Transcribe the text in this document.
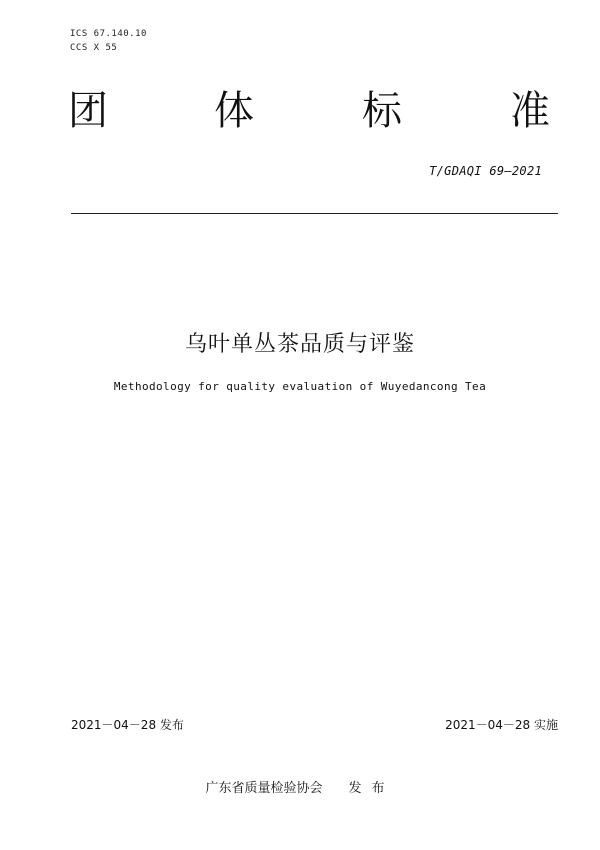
ICS 67.140.10
CCS X 55
团	体	标	准
T/GDAQI 69—2021
乌叶单丛茶品质与评鉴
Methodology for quality evaluation of Wuyedancong Tea
2021－04－28 发布	2021－04－28 实施
广东省质量检验协会 发布
